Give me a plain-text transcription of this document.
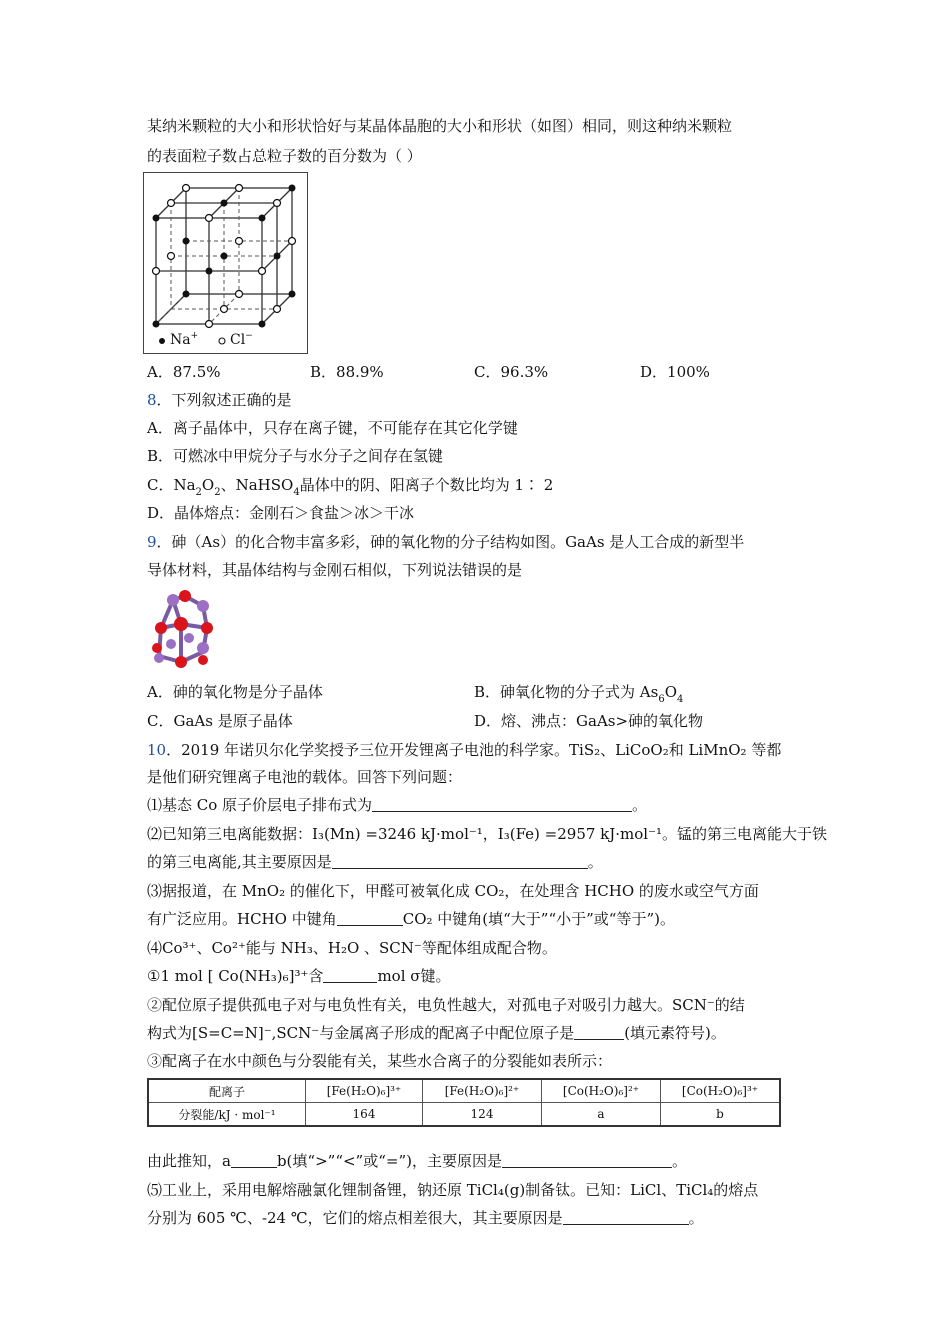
某纳米颗粒的大小和形状恰好与某晶体晶胞的大小和形状（如图）相同，则这种纳米颗粒
的表面粒子数占总粒子数的百分数为（ ）
Na+ Cl−
A．87.5%	B．88.9%	C．96.3%	D．100%
8．下列叙述正确的是
A．离子晶体中，只存在离子键，不可能存在其它化学键
B．可燃冰中甲烷分子与水分子之间存在氢键
C．$Na_2O_2$、NaHSO$_4$晶体中的阴、阳离子个数比均为 1∶ 2
D．晶体熔点：金刚石＞食盐＞冰＞干冰
9．砷（As）的化合物丰富多彩，砷的氧化物的分子结构如图。GaAs 是人工合成的新型半
导体材料，其晶体结构与金刚石相似，下列说法错误的是
A．砷的氧化物是分子晶体	B．砷氧化物的分子式为 $As_6O_4$
C．GaAs 是原子晶体	D．熔、沸点：GaAs>砷的氧化物
10．2019 年诺贝尔化学奖授予三位开发锂离子电池的科学家。TiS₂、LiCoO₂和 LiMnO₂ 等都
是他们研究锂离子电池的载体。回答下列问题：
⑴基态 Co 原子价层电子排布式为	。
⑵已知第三电离能数据：I₃(Mn) =3246 kJ·mol⁻¹，I₃(Fe) =2957 kJ·mol⁻¹。锰的第三电离能大于铁
的第三电离能,其主要原因是	。
⑶据报道，在 MnO₂ 的催化下，甲醛可被氧化成 CO₂，在处理含 HCHO 的废水或空气方面
有广泛应用。HCHO 中键角	CO₂ 中键角(填“大于”“小于”或“等于”)。
⑷Co³⁺、Co²⁺能与 NH₃、H₂O 、SCN⁻等配体组成配合物。
①1 mol [ Co(NH₃)₆]³⁺含	mol σ键。
②配位原子提供孤电子对与电负性有关，电负性越大，对孤电子对吸引力越大。SCN⁻的结
构式为[S=C=N]⁻,SCN⁻与金属离子形成的配离子中配位原子是	(填元素符号)。
③配离子在水中颜色与分裂能有关，某些水合离子的分裂能如表所示：
配离子	[Fe(H₂O)₆]³⁺	[Fe(H₂O)₆]²⁺	[Co(H₂O)₆]²⁺	[Co(H₂O)₆]³⁺
分裂能/kJ · mol⁻¹	164	124	a	b
由此推知，a	b(填“>”“<”或“=”)，主要原因是	。
⑸工业上，采用电解熔融氯化锂制备锂，钠还原 TiCl₄(g)制备钛。已知：LiCl、TiCl₄的熔点
分别为 605 ℃、-24 ℃，它们的熔点相差很大，其主要原因是	。
